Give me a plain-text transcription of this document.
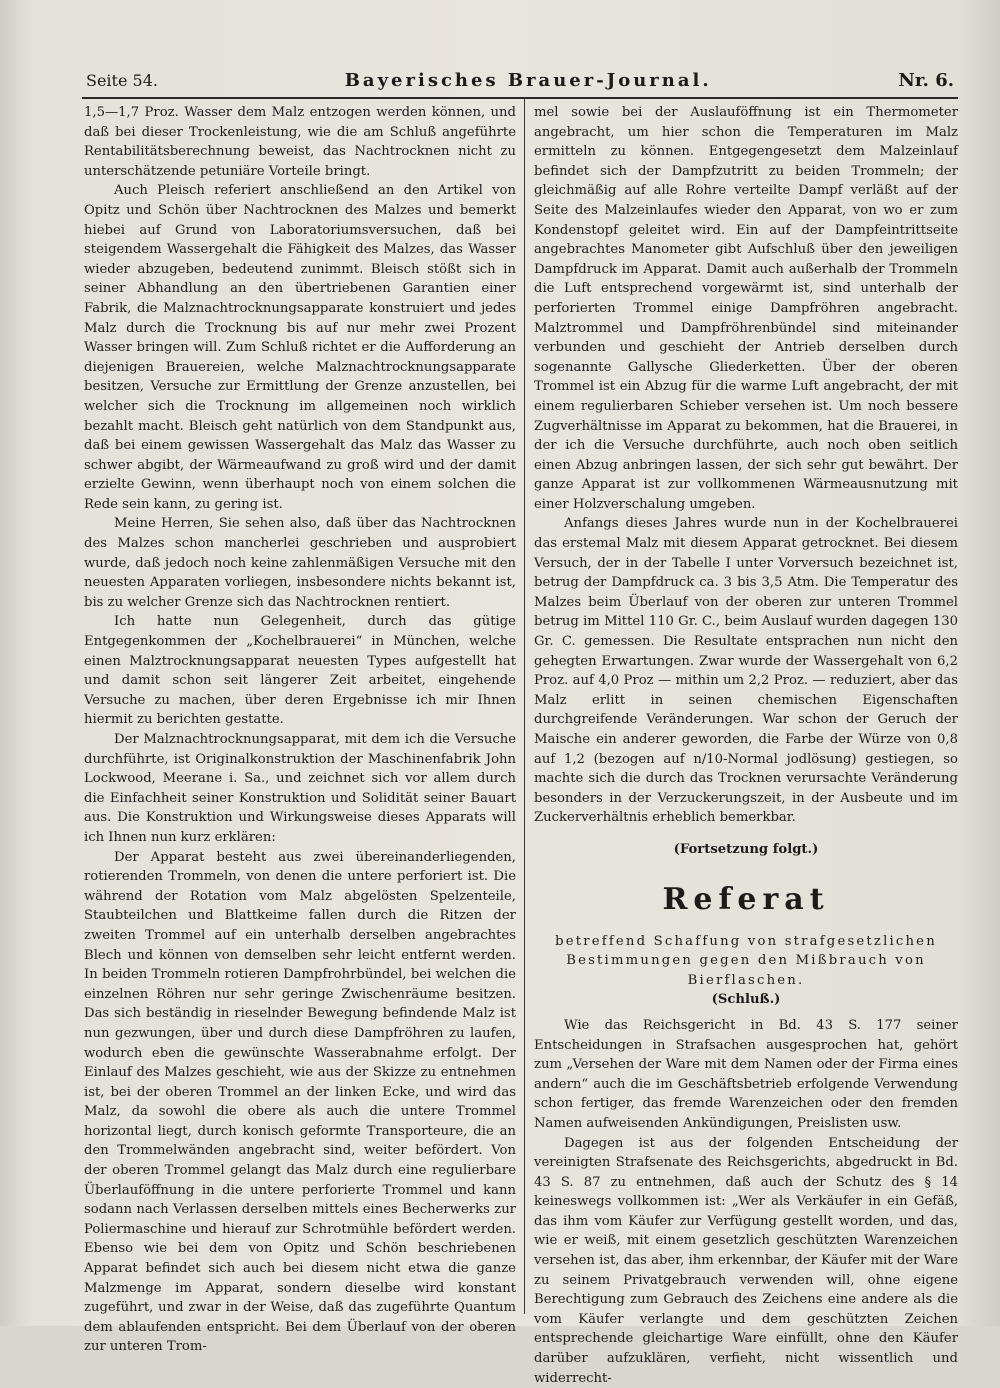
Seite 54.	Bayerisches Brauer-Journal.	Nr. 6.

1,5—1,7 Proz. Wasser dem Malz entzogen werden können, und daß bei dieser Trockenleistung, wie die am Schluß angeführte Rentabilitätsberechnung beweist, das Nachtrocknen nicht zu unterschätzende petuniäre Vorteile bringt.

Auch Pleisch referiert anschließend an den Artikel von Opitz und Schön über Nachtrocknen des Malzes und bemerkt hiebei auf Grund von Laboratoriumsversuchen, daß bei steigendem Wassergehalt die Fähigkeit des Malzes, das Wasser wieder abzugeben, bedeutend zunimmt. Bleisch stößt sich in seiner Abhandlung an den übertriebenen Garantien einer Fabrik, die Malznachtrocknungsapparate konstruiert und jedes Malz durch die Trocknung bis auf nur mehr zwei Prozent Wasser bringen will. Zum Schluß richtet er die Aufforderung an diejenigen Brauereien, welche Malznachtrocknungsapparate besitzen, Versuche zur Ermittlung der Grenze anzustellen, bei welcher sich die Trocknung im allgemeinen noch wirklich bezahlt macht. Bleisch geht natürlich von dem Standpunkt aus, daß bei einem gewissen Wassergehalt das Malz das Wasser zu schwer abgibt, der Wärmeaufwand zu groß wird und der damit erzielte Gewinn, wenn überhaupt noch von einem solchen die Rede sein kann, zu gering ist.

Meine Herren, Sie sehen also, daß über das Nachtrocknen des Malzes schon mancherlei geschrieben und ausprobiert wurde, daß jedoch noch keine zahlenmäßigen Versuche mit den neuesten Apparaten vorliegen, insbesondere nichts bekannt ist, bis zu welcher Grenze sich das Nachtrocknen rentiert.

Ich hatte nun Gelegenheit, durch das gütige Entgegenkommen der „Kochelbrauerei“ in München, welche einen Malztrocknungsapparat neuesten Types aufgestellt hat und damit schon seit längerer Zeit arbeitet, eingehende Versuche zu machen, über deren Ergebnisse ich mir Ihnen hiermit zu berichten gestatte.

Der Malznachtrocknungsapparat, mit dem ich die Versuche durchführte, ist Originalkonstruktion der Maschinenfabrik John Lockwood, Meerane i. Sa., und zeichnet sich vor allem durch die Einfachheit seiner Konstruktion und Solidität seiner Bauart aus. Die Konstruktion und Wirkungsweise dieses Apparats will ich Ihnen nun kurz erklären:

Der Apparat besteht aus zwei übereinanderliegenden, rotierenden Trommeln, von denen die untere perforiert ist. Die während der Rotation vom Malz abgelösten Spelzenteile, Staubteilchen und Blattkeime fallen durch die Ritzen der zweiten Trommel auf ein unterhalb derselben angebrachtes Blech und können von demselben sehr leicht entfernt werden. In beiden Trommeln rotieren Dampfrohrbündel, bei welchen die einzelnen Röhren nur sehr geringe Zwischenräume besitzen. Das sich beständig in rieselnder Bewegung befindende Malz ist nun gezwungen, über und durch diese Dampfröhren zu laufen, wodurch eben die gewünschte Wasserabnahme erfolgt. Der Einlauf des Malzes geschieht, wie aus der Skizze zu entnehmen ist, bei der oberen Trommel an der linken Ecke, und wird das Malz, da sowohl die obere als auch die untere Trommel horizontal liegt, durch konisch geformte Transporteure, die an den Trommelwänden angebracht sind, weiter befördert. Von der oberen Trommel gelangt das Malz durch eine regulierbare Überlauföffnung in die untere perforierte Trommel und kann sodann nach Verlassen derselben mittels eines Becherwerks zur Poliermaschine und hierauf zur Schrotmühle befördert werden. Ebenso wie bei dem von Opitz und Schön beschriebenen Apparat befindet sich auch bei diesem nicht etwa die ganze Malzmenge im Apparat, sondern dieselbe wird konstant zugeführt, und zwar in der Weise, daß das zugeführte Quantum dem ablaufenden entspricht. Bei dem Überlauf von der oberen zur unteren Trom-

mel sowie bei der Auslauföffnung ist ein Thermometer angebracht, um hier schon die Temperaturen im Malz ermitteln zu können. Entgegengesetzt dem Malzeinlauf befindet sich der Dampfzutritt zu beiden Trommeln; der gleichmäßig auf alle Rohre verteilte Dampf verläßt auf der Seite des Malzeinlaufes wieder den Apparat, von wo er zum Kondenstopf geleitet wird. Ein auf der Dampfeintrittseite angebrachtes Manometer gibt Aufschluß über den jeweiligen Dampfdruck im Apparat. Damit auch außerhalb der Trommeln die Luft entsprechend vorgewärmt ist, sind unterhalb der perforierten Trommel einige Dampfröhren angebracht. Malztrommel und Dampfröhrenbündel sind miteinander verbunden und geschieht der Antrieb derselben durch sogenannte Gallysche Gliederketten. Über der oberen Trommel ist ein Abzug für die warme Luft angebracht, der mit einem regulierbaren Schieber versehen ist. Um noch bessere Zugverhältnisse im Apparat zu bekommen, hat die Brauerei, in der ich die Versuche durchführte, auch noch oben seitlich einen Abzug anbringen lassen, der sich sehr gut bewährt. Der ganze Apparat ist zur vollkommenen Wärmeausnutzung mit einer Holzverschalung umgeben.

Anfangs dieses Jahres wurde nun in der Kochelbrauerei das erstemal Malz mit diesem Apparat getrocknet. Bei diesem Versuch, der in der Tabelle I unter Vorversuch bezeichnet ist, betrug der Dampfdruck ca. 3 bis 3,5 Atm. Die Temperatur des Malzes beim Überlauf von der oberen zur unteren Trommel betrug im Mittel 110 Gr. C., beim Auslauf wurden dagegen 130 Gr. C. gemessen. Die Resultate entsprachen nun nicht den gehegten Erwartungen. Zwar wurde der Wassergehalt von 6,2 Proz. auf 4,0 Proz — mithin um 2,2 Proz. — reduziert, aber das Malz erlitt in seinen chemischen Eigenschaften durchgreifende Veränderungen. War schon der Geruch der Maische ein anderer geworden, die Farbe der Würze von 0,8 auf 1,2 (bezogen auf n/10-Normal jodlösung) gestiegen, so machte sich die durch das Trocknen verursachte Veränderung besonders in der Verzuckerungszeit, in der Ausbeute und im Zuckerverhältnis erheblich bemerkbar.

(Fortsetzung folgt.)

Referat

betreffend Schaffung von strafgesetzlichen Bestimmungen gegen den Mißbrauch von Bierflaschen.

(Schluß.)

Wie das Reichsgericht in Bd. 43 S. 177 seiner Entscheidungen in Strafsachen ausgesprochen hat, gehört zum „Versehen der Ware mit dem Namen oder der Firma eines andern“ auch die im Geschäftsbetrieb erfolgende Verwendung schon fertiger, das fremde Warenzeichen oder den fremden Namen aufweisenden Ankündigungen, Preislisten usw.

Dagegen ist aus der folgenden Entscheidung der vereinigten Strafsenate des Reichsgerichts, abgedruckt in Bd. 43 S. 87 zu entnehmen, daß auch der Schutz des § 14 keineswegs vollkommen ist: „Wer als Verkäufer in ein Gefäß, das ihm vom Käufer zur Verfügung gestellt worden, und das, wie er weiß, mit einem gesetzlich geschützten Warenzeichen versehen ist, das aber, ihm erkennbar, der Käufer mit der Ware zu seinem Privatgebrauch verwenden will, ohne eigene Berechtigung zum Gebrauch des Zeichens eine andere als die vom Käufer verlangte und dem geschützten Zeichen entsprechende gleichartige Ware einfüllt, ohne den Käufer darüber aufzuklären, verfieht, nicht wissentlich und widerrecht-
